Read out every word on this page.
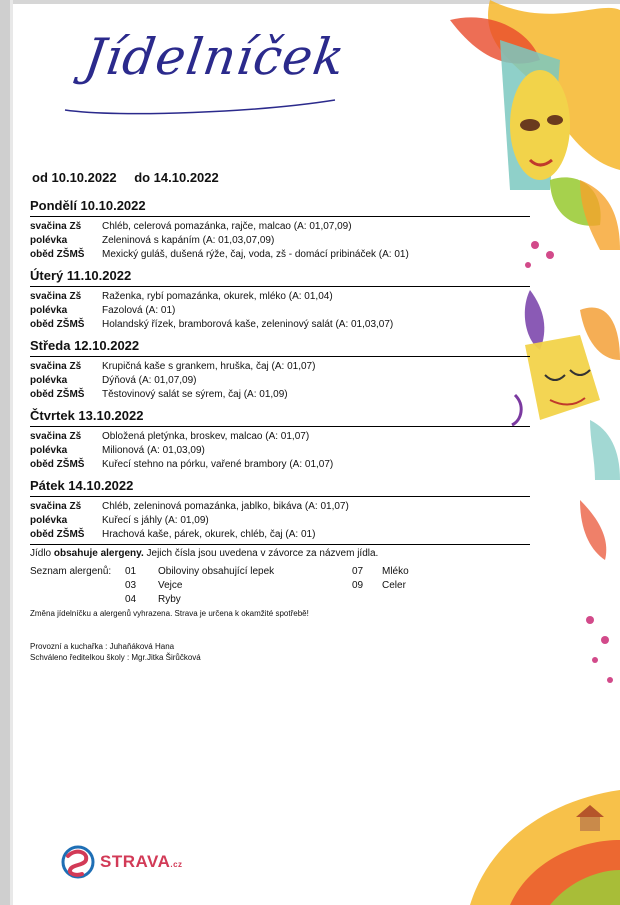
Jídelníček
od 10.10.2022 do 14.10.2022
Pondělí 10.10.2022
svačina Zš Chléb, celerová pomazánka, rajče, malcao (A: 01,07,09)
polévka	Zeleninová s kapáním (A: 01,03,07,09)
oběd ZŠMŠ Mexický guláš, dušená rýže, čaj, voda, zš - domácí pribináček (A: 01)
Úterý 11.10.2022
svačina Zš Raženka, rybí pomazánka, okurek, mléko (A: 01,04)
polévka	Fazolová (A: 01)
oběd ZŠMŠ Holandský řízek, bramborová kaše, zeleninový salát (A: 01,03,07)
Středa 12.10.2022
svačina Zš Krupičná kaše s grankem, hruška, čaj (A: 01,07)
polévka	Dýňová (A: 01,07,09)
oběd ZŠMŠ Těstovinový salát se sýrem, čaj (A: 01,09)
Čtvrtek 13.10.2022
svačina Zš Obložená pletýnka, broskev, malcao (A: 01,07)
polévka	Milionová (A: 01,03,09)
oběd ZŠMŠ Kuřecí stehno na pórku, vařené brambory (A: 01,07)
Pátek 14.10.2022
svačina Zš Chléb, zeleninová pomazánka, jablko, bikáva (A: 01,07)
polévka	Kuřecí s jáhly (A: 01,09)
oběd ZŠMŠ Hrachová kaše, párek, okurek, chléb, čaj (A: 01)
Jídlo obsahuje alergeny. Jejich čísla jsou uvedena v závorce za názvem jídla.
Seznam alergenů: 01 Obiloviny obsahující lepek
03 Vejce
04 Ryby
07 Mléko
09 Celer
Změna jídelníčku a alergenů vyhrazena. Strava je určena k okamžité spotřebě!
Provozní a kuchařka : Juhaňáková Hana
Schváleno ředitelkou školy : Mgr.Jitka Širůčková
STRAVA.cz
